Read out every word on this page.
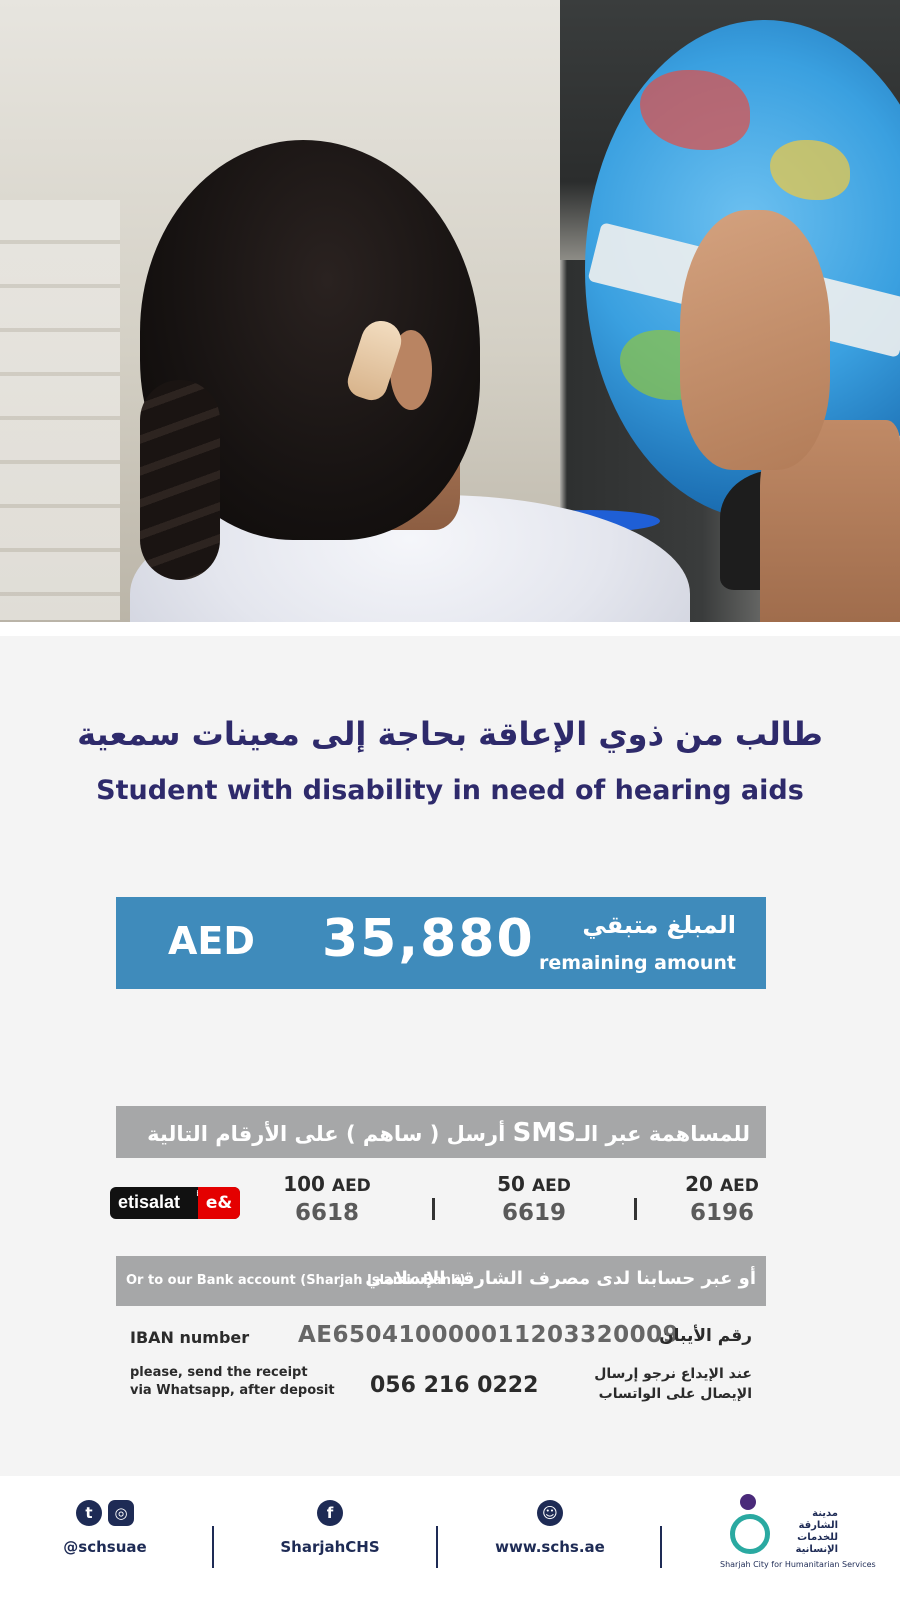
طالب من ذوي الإعاقة بحاجة إلى معينات سمعية
Student with disability in need of hearing aids
AED 35,880 المبلغ متبقي
remaining amount
للمساهمة عبر الـSMS أرسل ( ساهم ) على الأرقام التالية
20 AED
6196
50 AED
6619
100 AED
6618
etisalat	e&
Or to our Bank account (Sharjah Islamic Bank)
أو عبر حسابنا لدى مصرف الشارقة الإسلامي
IBAN number AE650410000011203320009
رقم الأيبان
please, send the receipt
via Whatsapp, after deposit	056 216 0222	عند الإيداع نرجو إرسال
الإيصال على الواتساب
t	◎
@schsuae
f
SharjahCHS
☺
www.schs.ae
مدينة الشارقة
للخدمات الإنسانية
Sharjah City for Humanitarian Services
